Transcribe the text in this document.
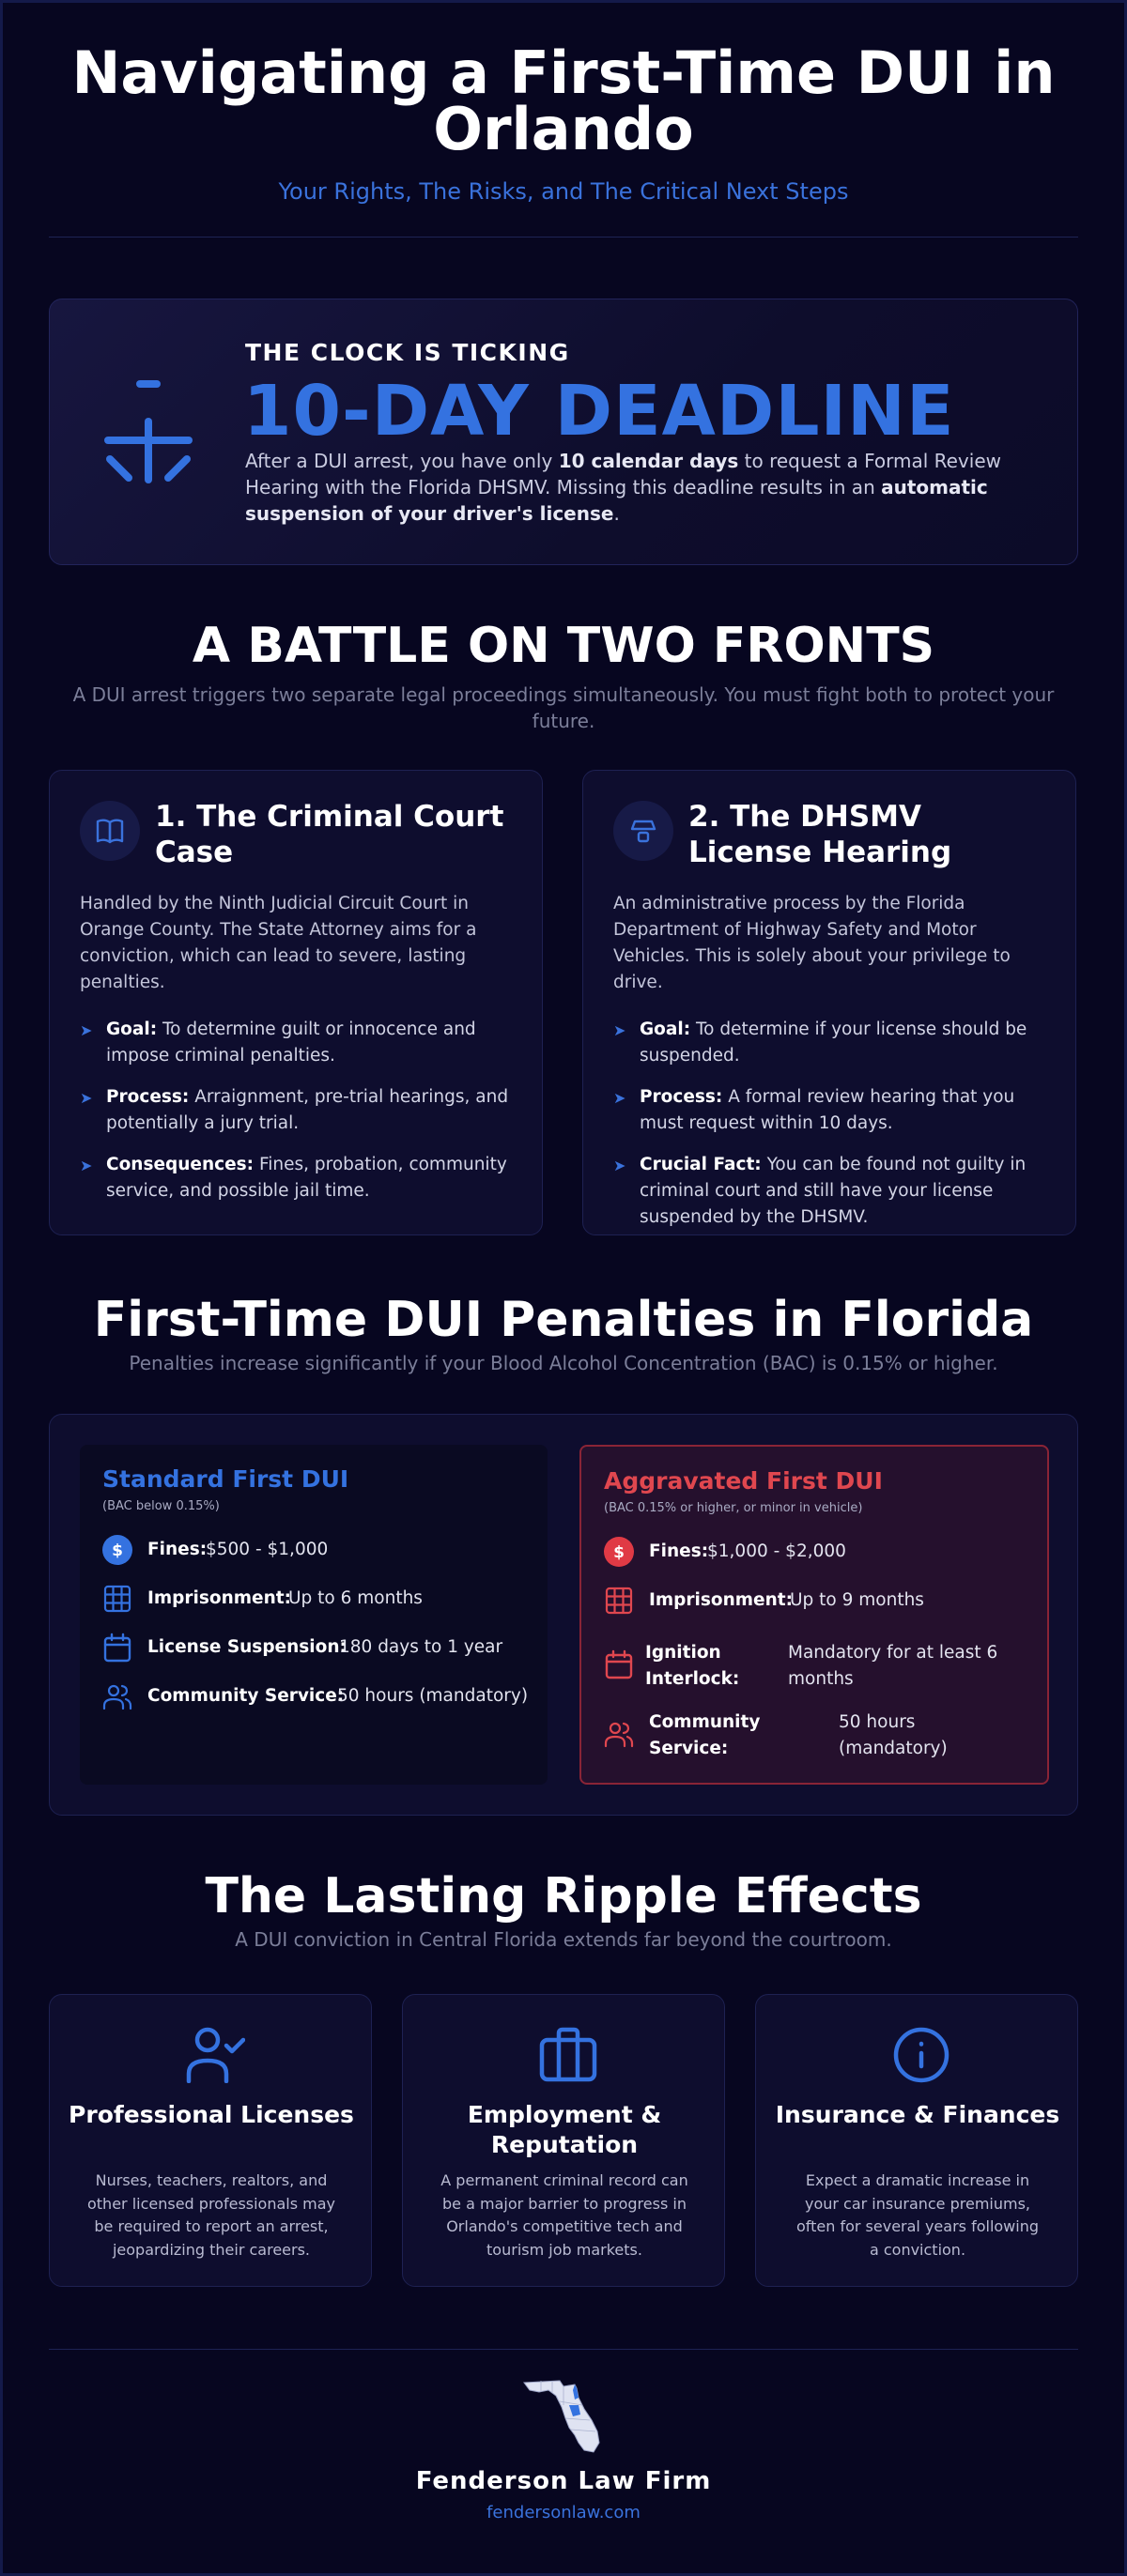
Navigating a First-Time DUI in Orlando
Your Rights, The Risks, and The Critical Next Steps
THE CLOCK IS TICKING
10-DAY DEADLINE

After a DUI arrest, you have only 10 calendar days to request a Formal Review Hearing with the Florida DHSMV. Missing this deadline results in an automatic suspension of your driver's license.

A BATTLE ON TWO FRONTS
A DUI arrest triggers two separate legal proceedings simultaneously. You must fight both to protect your future.
1. The Criminal Court Case

Handled by the Ninth Judicial Circuit Court in Orange County. The State Attorney aims for a conviction, which can lead to severe, lasting penalties.

➤ Goal: To determine guilt or innocence and impose criminal penalties.
➤ Process: Arraignment, pre-trial hearings, and potentially a jury trial.
➤ Consequences: Fines, probation, community service, and possible jail time.
2. The DHSMV License Hearing

An administrative process by the Florida Department of Highway Safety and Motor Vehicles. This is solely about your privilege to drive.

➤ Goal: To determine if your license should be suspended.
➤ Process: A formal review hearing that you must request within 10 days.
➤ Crucial Fact: You can be found not guilty in criminal court and still have your license suspended by the DHSMV.
First-Time DUI Penalties in Florida
Penalties increase significantly if your Blood Alcohol Concentration (BAC) is 0.15% or higher.
Standard First DUI
(BAC below 0.15%)
$ Fines:
$500 - $1,000
Imprisonment:
Up to 6 months
License Suspension:
180 days to 1 year
Community Service:
50 hours (mandatory)
Aggravated First DUI
(BAC 0.15% or higher, or minor in vehicle)
$ Fines:
$1,000 - $2,000
Imprisonment:
Up to 9 months
Ignition Interlock:
Mandatory for at least 6 months
Community Service:
50 hours (mandatory)
The Lasting Ripple Effects
A DUI conviction in Central Florida extends far beyond the courtroom.
Professional Licenses

Nurses, teachers, realtors, and other licensed professionals may be required to report an arrest, jeopardizing their careers.

Employment & Reputation

A permanent criminal record can be a major barrier to progress in Orlando's competitive tech and tourism job markets.

Insurance & Finances

Expect a dramatic increase in your car insurance premiums, often for several years following a conviction.

Fenderson Law Firm
fendersonlaw.com
